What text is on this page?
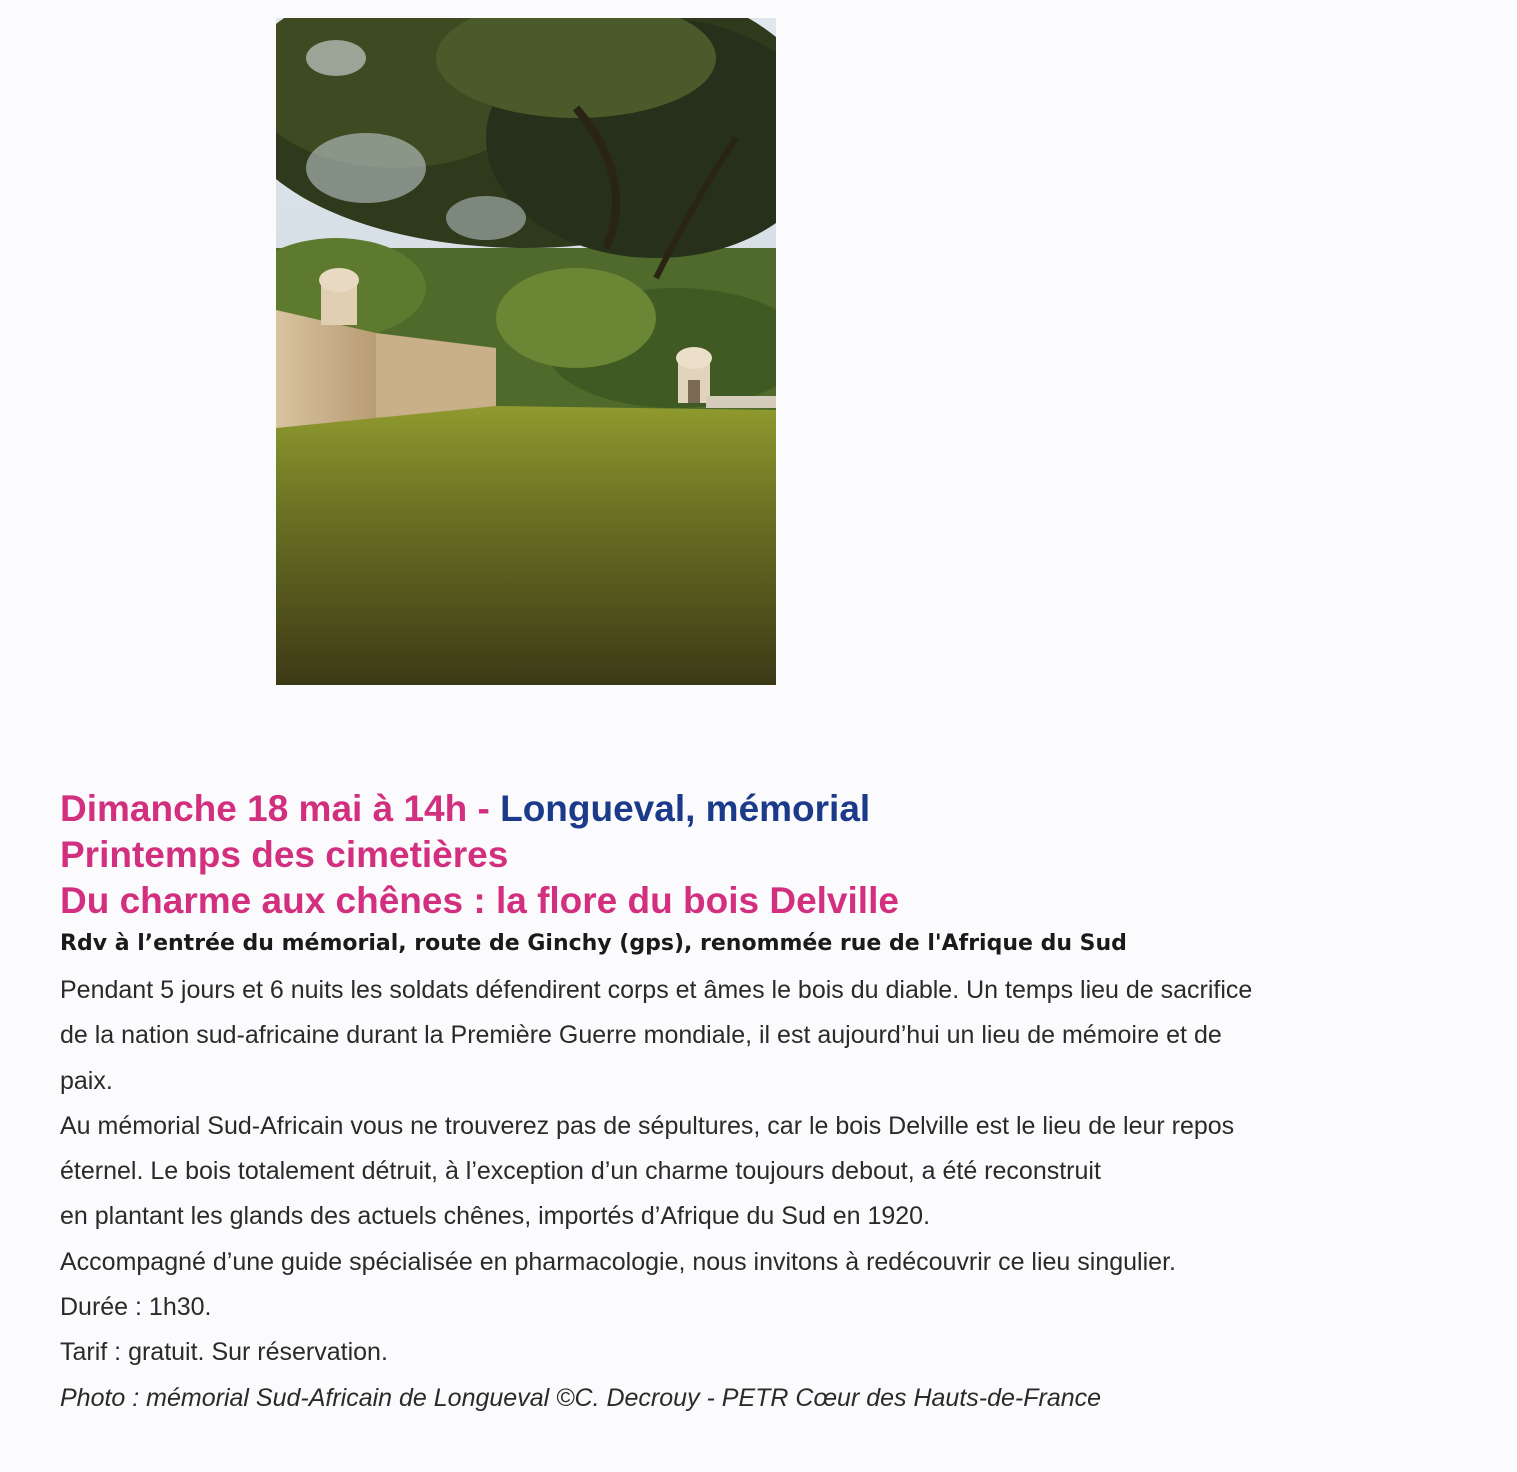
Dimanche 18 mai à 14h - Longueval, mémorial
Printemps des cimetières
Du charme aux chênes : la flore du bois Delville
Rdv à l’entrée du mémorial, route de Ginchy (gps), renommée rue de l'Afrique du Sud

Pendant 5 jours et 6 nuits les soldats défendirent corps et âmes le bois du diable. Un temps lieu de sacrifice

de la nation sud-africaine durant la Première Guerre mondiale, il est aujourd’hui un lieu de mémoire et de

paix.

Au mémorial Sud-Africain vous ne trouverez pas de sépultures, car le bois Delville est le lieu de leur repos

éternel. Le bois totalement détruit, à l’exception d’un charme toujours debout, a été reconstruit

en plantant les glands des actuels chênes, importés d’Afrique du Sud en 1920.

Accompagné d’une guide spécialisée en pharmacologie, nous invitons à redécouvrir ce lieu singulier.

Durée : 1h30.

Tarif : gratuit. Sur réservation.

Photo : mémorial Sud-Africain de Longueval ©C. Decrouy - PETR Cœur des Hauts-de-France
